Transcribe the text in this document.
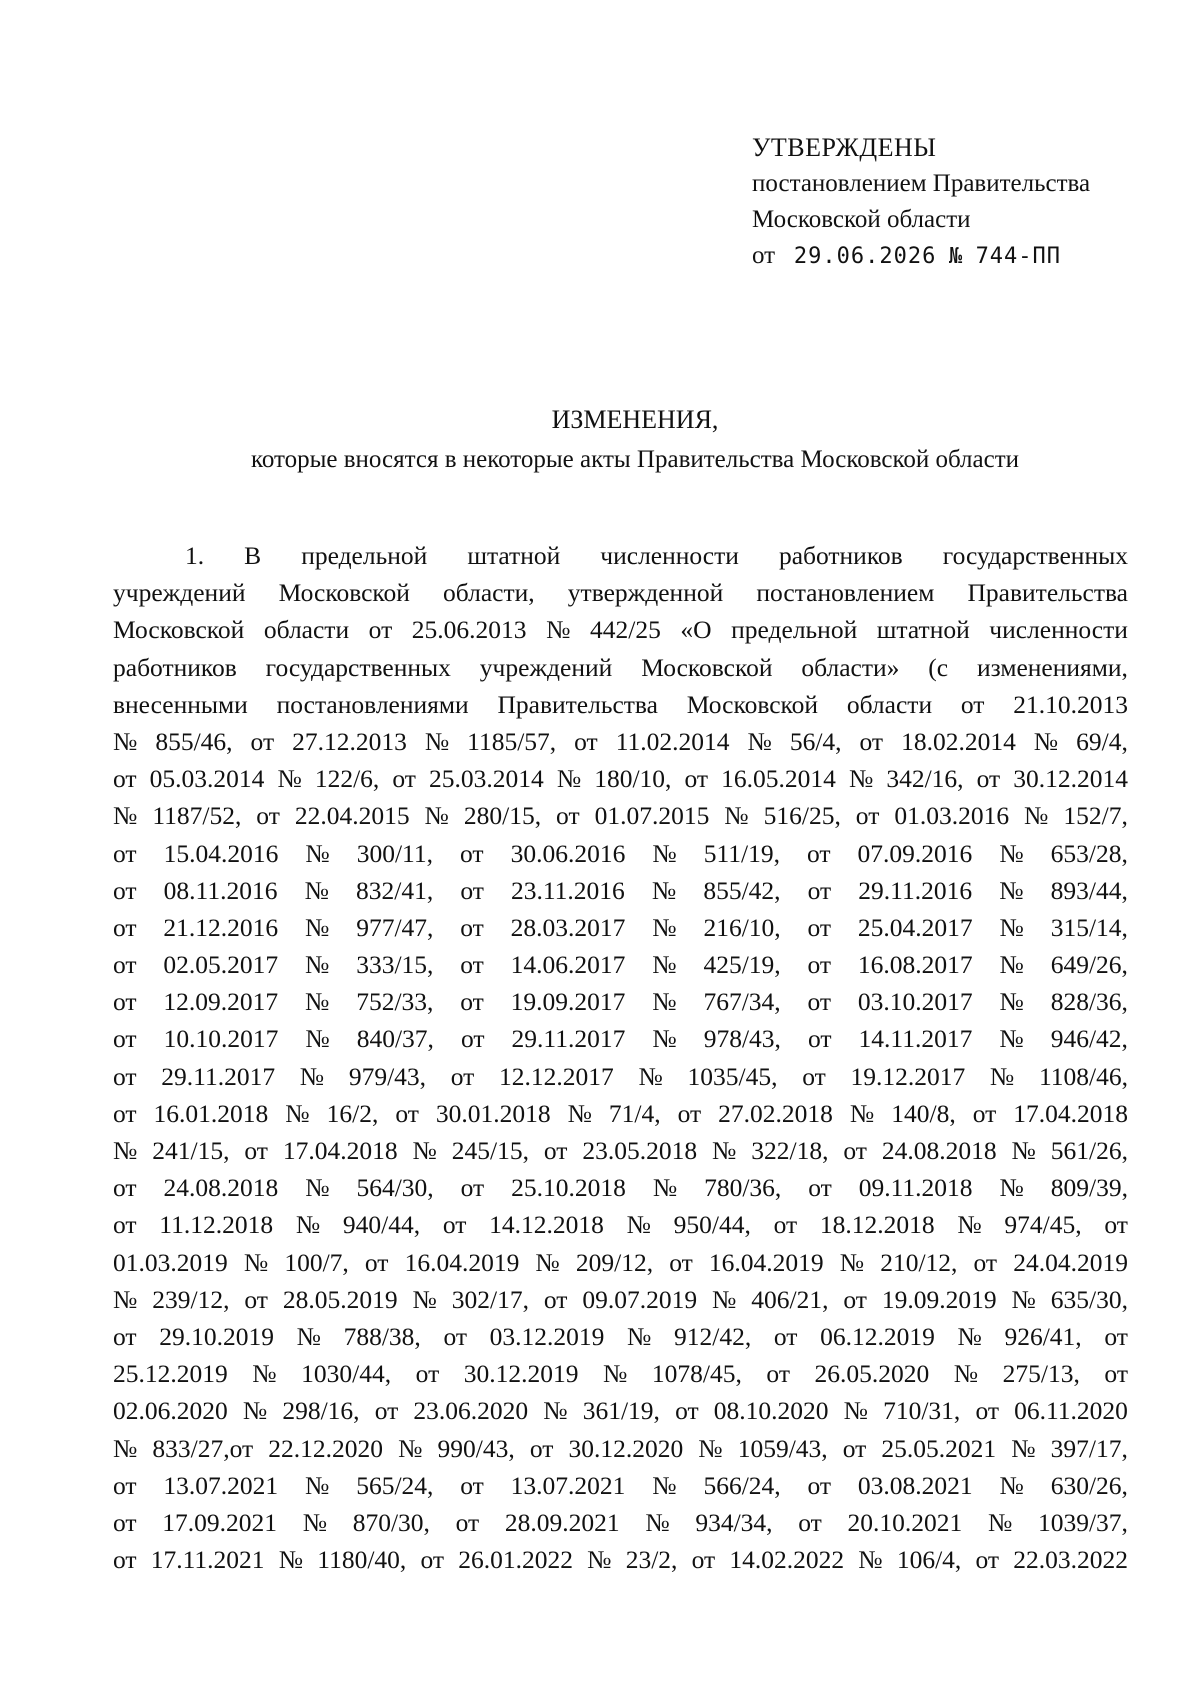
УТВЕРЖДЕНЫ
постановлением Правительства
Московской области
от 29.06.2026 № 744-ПП
ИЗМЕНЕНИЯ,
которые вносятся в некоторые акты Правительства Московской области
1. В предельной штатной численности работников государственных
учреждений Московской области, утвержденной постановлением Правительства
Московской области от 25.06.2013 № 442/25 «О предельной штатной численности
работников государственных учреждений Московской области» (с изменениями,
внесенными постановлениями Правительства Московской области от 21.10.2013
№ 855/46, от 27.12.2013 № 1185/57, от 11.02.2014 № 56/4, от 18.02.2014 № 69/4,
от 05.03.2014 № 122/6, от 25.03.2014 № 180/10, от 16.05.2014 № 342/16, от 30.12.2014
№ 1187/52, от 22.04.2015 № 280/15, от 01.07.2015 № 516/25, от 01.03.2016 № 152/7,
от 15.04.2016 № 300/11, от 30.06.2016 № 511/19, от 07.09.2016 № 653/28,
от 08.11.2016 № 832/41, от 23.11.2016 № 855/42, от 29.11.2016 № 893/44,
от 21.12.2016 № 977/47, от 28.03.2017 № 216/10, от 25.04.2017 № 315/14,
от 02.05.2017 № 333/15, от 14.06.2017 № 425/19, от 16.08.2017 № 649/26,
от 12.09.2017 № 752/33, от 19.09.2017 № 767/34, от 03.10.2017 № 828/36,
от 10.10.2017 № 840/37, от 29.11.2017 № 978/43, от 14.11.2017 № 946/42,
от 29.11.2017 № 979/43, от 12.12.2017 № 1035/45, от 19.12.2017 № 1108/46,
от 16.01.2018 № 16/2, от 30.01.2018 № 71/4, от 27.02.2018 № 140/8, от 17.04.2018
№ 241/15, от 17.04.2018 № 245/15, от 23.05.2018 № 322/18, от 24.08.2018 № 561/26,
от 24.08.2018 № 564/30, от 25.10.2018 № 780/36, от 09.11.2018 № 809/39,
от 11.12.2018 № 940/44, от 14.12.2018 № 950/44, от 18.12.2018 № 974/45, от
01.03.2019 № 100/7, от 16.04.2019 № 209/12, от 16.04.2019 № 210/12, от 24.04.2019
№ 239/12, от 28.05.2019 № 302/17, от 09.07.2019 № 406/21, от 19.09.2019 № 635/30,
от 29.10.2019 № 788/38, от 03.12.2019 № 912/42, от 06.12.2019 № 926/41, от
25.12.2019 № 1030/44, от 30.12.2019 № 1078/45, от 26.05.2020 № 275/13, от
02.06.2020 № 298/16, от 23.06.2020 № 361/19, от 08.10.2020 № 710/31, от 06.11.2020
№ 833/27,от 22.12.2020 № 990/43, от 30.12.2020 № 1059/43, от 25.05.2021 № 397/17,
от 13.07.2021 № 565/24, от 13.07.2021 № 566/24, от 03.08.2021 № 630/26,
от 17.09.2021 № 870/30, от 28.09.2021 № 934/34, от 20.10.2021 № 1039/37,
от 17.11.2021 № 1180/40, от 26.01.2022 № 23/2, от 14.02.2022 № 106/4, от 22.03.2022
